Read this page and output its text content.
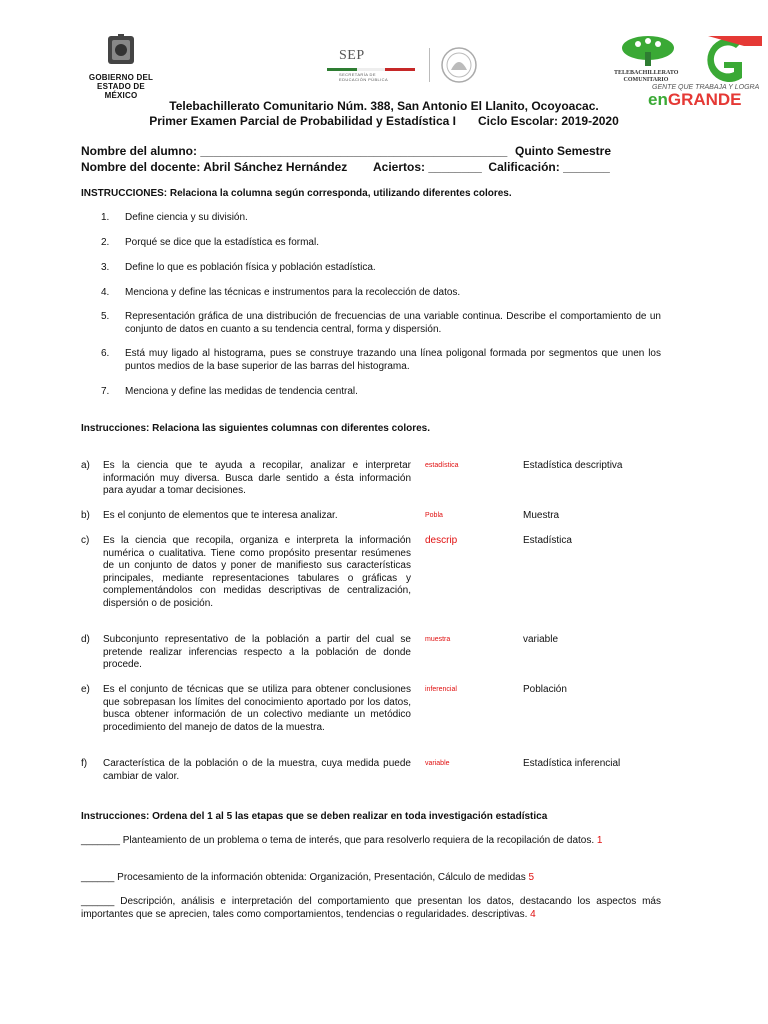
GOBIERNO DEL
ESTADO DE MÉXICO
SEP
SECRETARÍA DE
EDUCACIÓN PÚBLICA
TELEBACHILLERATO
COMUNITARIO
GENTE QUE TRABAJA Y LOGRA
enGRANDE
Telebachillerato Comunitario Núm. 388, San Antonio El Llanito, Ocoyoacac.
Primer Examen Parcial de Probabilidad y Estadística I Ciclo Escolar: 2019-2020
Nombre del alumno: ______________________________________________ Quinto Semestre
Nombre del docente: Abril Sánchez Hernández Aciertos: ________  Calificación: _______
INSTRUCCIONES: Relaciona la columna según corresponda, utilizando diferentes colores.
1. Define ciencia y su división.
2. Porqué se dice que la estadística es formal.
3. Define lo que es población física y población estadística.
4. Menciona y define las técnicas e instrumentos para la recolección de datos.
5. Representación gráfica de una distribución de frecuencias de una variable continua. Describe el comportamiento de un conjunto de datos en cuanto a su tendencia central, forma y dispersión.
6. Está muy ligado al histograma, pues se construye trazando una línea poligonal formada por segmentos que unen los puntos medios de la base superior de las barras del histograma.
7. Menciona y define las medidas de tendencia central.
Instrucciones: Relaciona las siguientes columnas con diferentes colores.
a) Es la ciencia que te ayuda a recopilar, analizar e interpretar información muy diversa. Busca darle sentido a ésta información para ayudar a tomar decisiones.
estadística	Estadística descriptiva
b) Es el conjunto de elementos que te interesa analizar.	Pobla	Muestra
c) Es la ciencia que recopila, organiza e interpreta la información numérica o cualitativa. Tiene como propósito presentar resúmenes de un conjunto de datos y poner de manifiesto sus características principales, mediante representaciones tabulares o gráficas y complementándolos con medidas descriptivas de centralización, dispersión o de posición.
descrip	Estadística
d) Subconjunto representativo de la población a partir del cual se pretende realizar inferencias respecto a la población de donde procede.
muestra	variable
e) Es el conjunto de técnicas que se utiliza para obtener conclusiones que sobrepasan los límites del conocimiento aportado por los datos, busca obtener información de un colectivo mediante un metódico procedimiento del manejo de datos de la muestra.
inferencial	Población
f) Característica de la población o de la muestra, cuya medida puede cambiar de valor.
variable	Estadística inferencial
Instrucciones: Ordena del 1 al 5 las etapas que se deben realizar en toda investigación estadística
_______ Planteamiento de un problema o tema de interés, que para resolverlo requiera de la recopilación de datos. 1
______ Procesamiento de la información obtenida: Organización, Presentación, Cálculo de medidas 5
______ Descripción, análisis e interpretación del comportamiento que presentan los datos, destacando los aspectos más importantes que se aprecien, tales como comportamientos, tendencias o regularidades. descriptivas. 4
